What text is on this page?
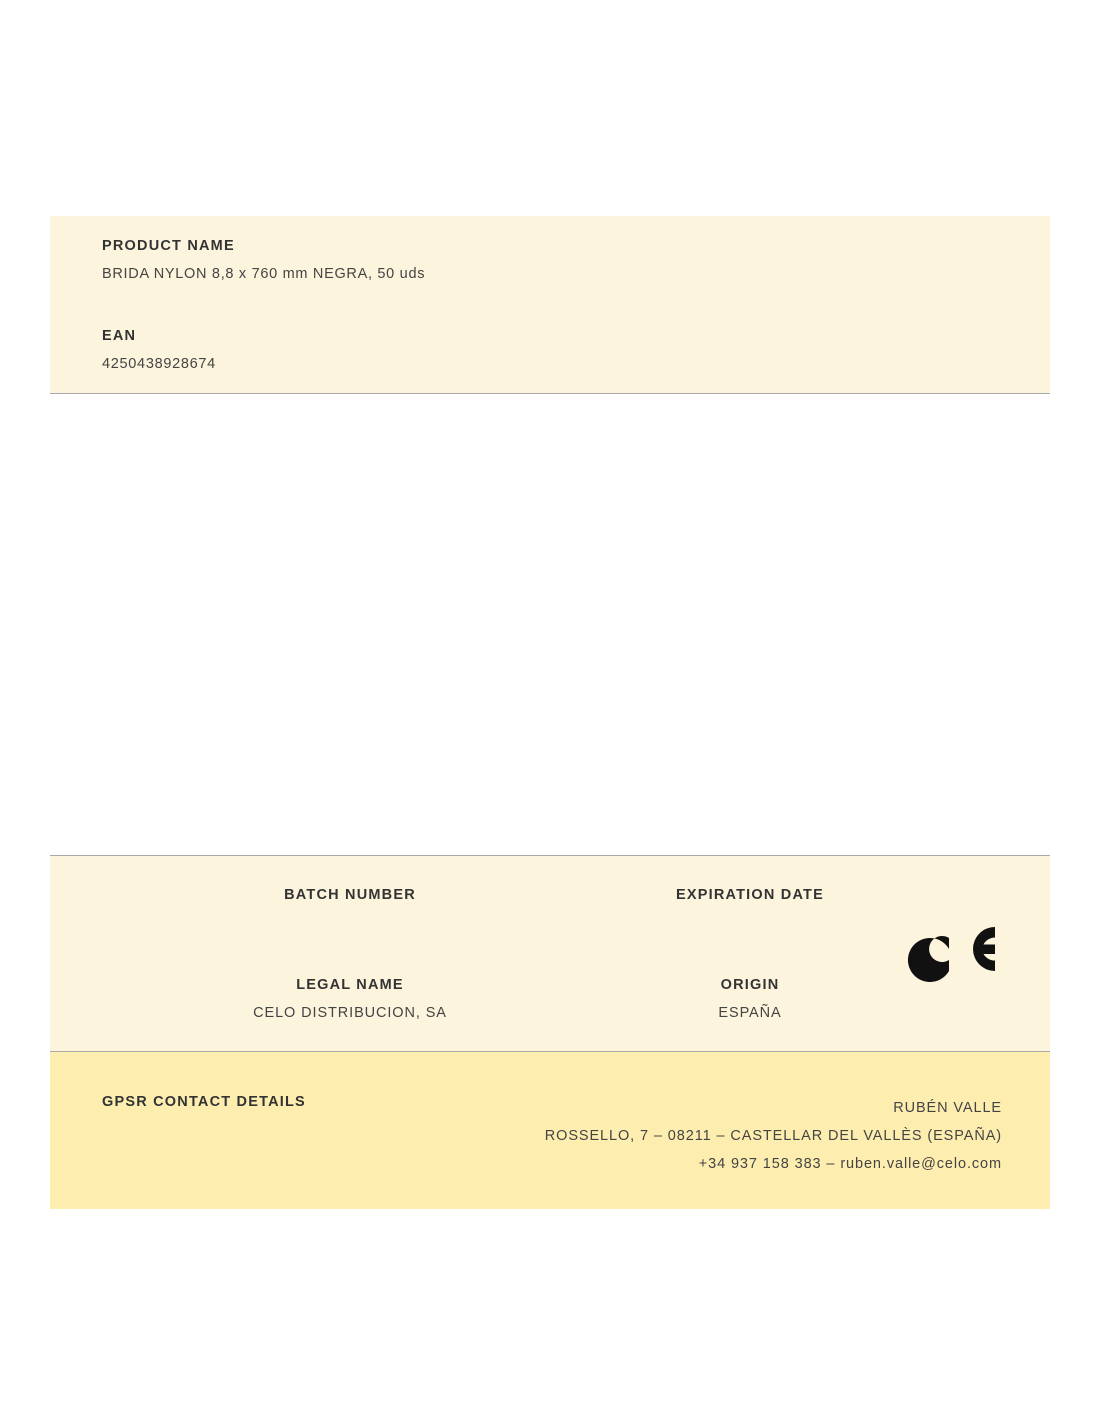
PRODUCT NAME
BRIDA NYLON 8,8 x 760 mm NEGRA, 50 uds
EAN
4250438928674
BATCH NUMBER	EXPIRATION DATE
LEGAL NAME
CELO DISTRIBUCION, SA
ORIGIN
ESPAÑA
GPSR CONTACT DETAILS	RUBÉN VALLE
ROSSELLO, 7 – 08211 – CASTELLAR DEL VALLÈS (ESPAÑA)
+34 937 158 383 – ruben.valle@celo.com
